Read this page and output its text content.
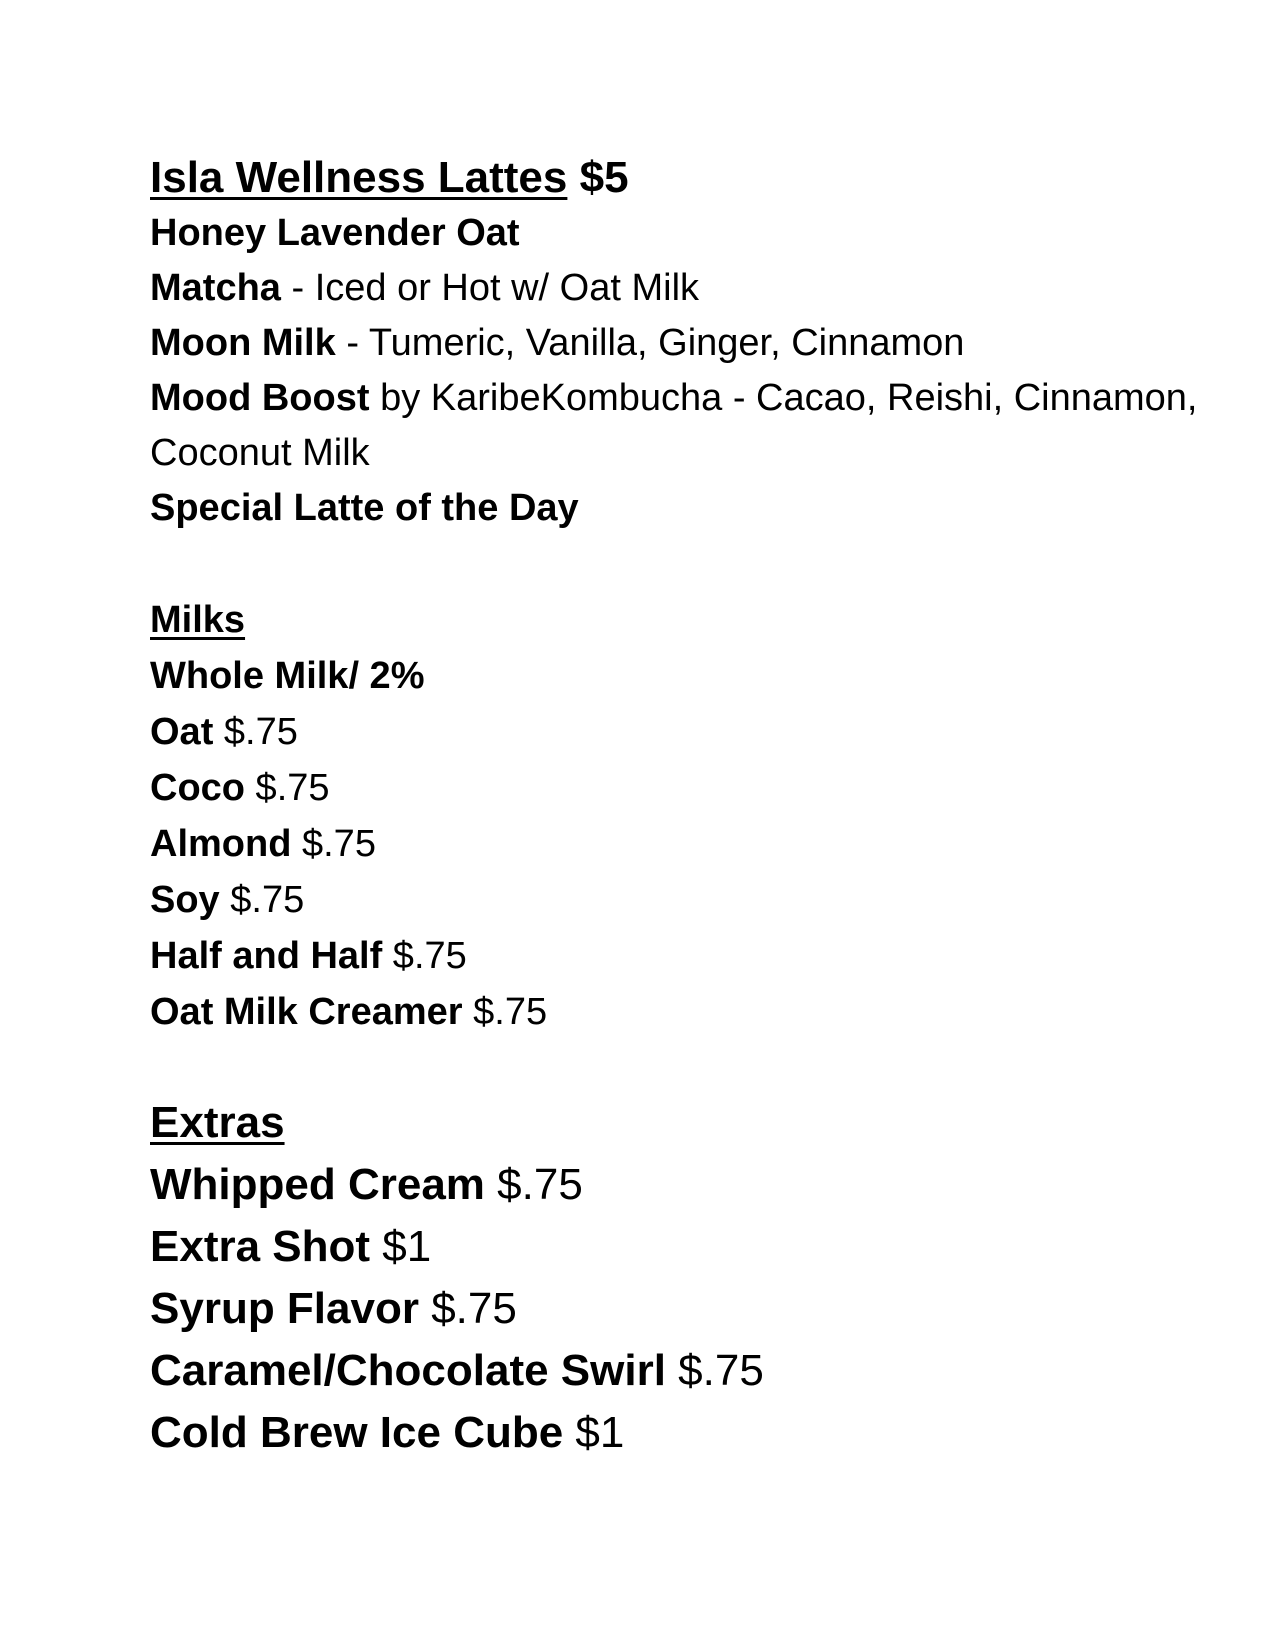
Isla Wellness Lattes $5
Honey Lavender Oat
Matcha - Iced or Hot w/ Oat Milk
Moon Milk - Tumeric, Vanilla, Ginger, Cinnamon
Mood Boost by KaribeKombucha - Cacao, Reishi, Cinnamon, Coconut Milk
Special Latte of the Day
Milks
Whole Milk/ 2%
Oat $.75
Coco $.75
Almond $.75
Soy $.75
Half and Half $.75
Oat Milk Creamer $.75
Extras
Whipped Cream $.75
Extra Shot $1
Syrup Flavor $.75
Caramel/Chocolate Swirl $.75
Cold Brew Ice Cube $1
